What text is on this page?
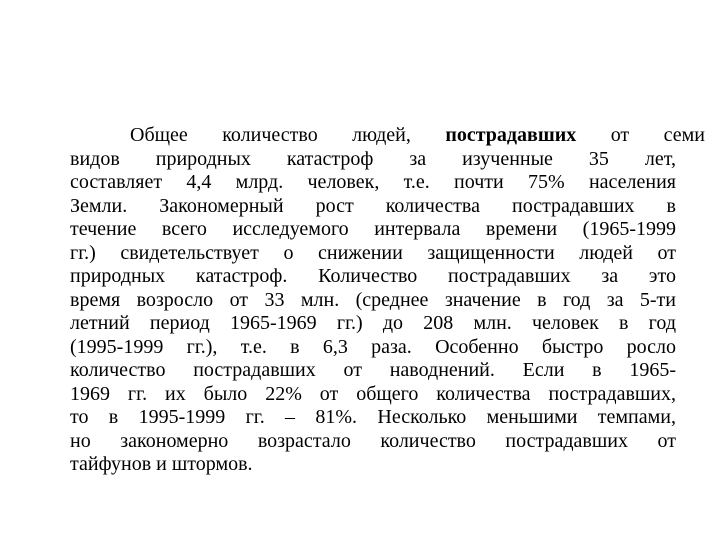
Общее количество людей, пострадавших от семи
видов природных катастроф за изученные 35 лет,
составляет 4,4 млрд. человек, т.е. почти 75% населения
Земли. Закономерный рост количества пострадавших в
течение всего исследуемого интервала времени (1965-1999
гг.) свидетельствует о снижении защищенности людей от
природных катастроф. Количество пострадавших за это
время возросло от 33 млн. (среднее значение в год за 5-ти
летний период 1965-1969 гг.) до 208 млн. человек в год
(1995-1999 гг.), т.е. в 6,3 раза. Особенно быстро росло
количество пострадавших от наводнений. Если в 1965-
1969 гг. их было 22% от общего количества пострадавших,
то в 1995-1999 гг. – 81%. Несколько меньшими темпами,
но закономерно возрастало количество пострадавших от
тайфунов и штормов.
